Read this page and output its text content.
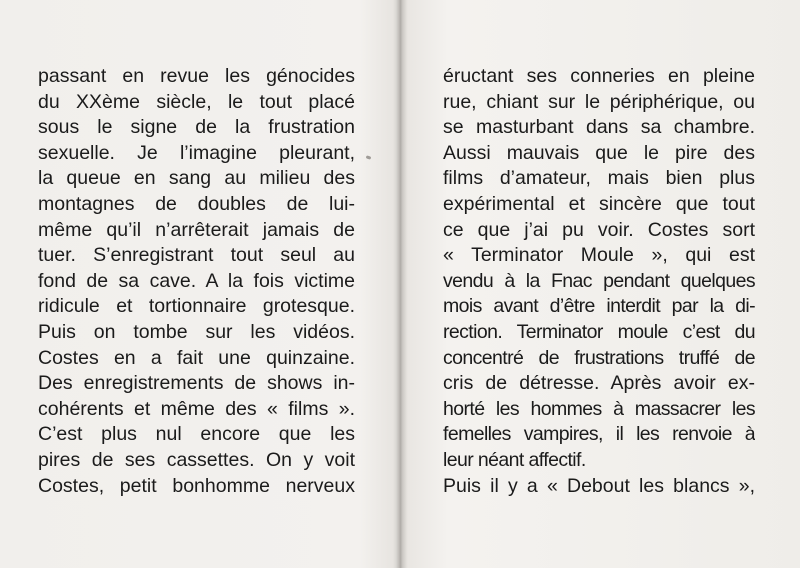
passant en revue les génocides
du XXème siècle, le tout placé
sous le signe de la frustration
sexuelle. Je l’imagine pleurant,
la queue en sang au milieu des
montagnes de doubles de lui-
même qu’il n’arrêterait jamais de
tuer. S’enregistrant tout seul au
fond de sa cave. A la fois victime
ridicule et tortionnaire grotesque.
Puis on tombe sur les vidéos.
Costes en a fait une quinzaine.
Des enregistrements de shows in-
cohérents et même des « films ».
C’est plus nul encore que les
pires de ses cassettes. On y voit
Costes, petit bonhomme nerveux
éructant ses conneries en pleine
rue, chiant sur le périphérique, ou
se masturbant dans sa chambre.
Aussi mauvais que le pire des
films d’amateur, mais bien plus
expérimental et sincère que tout
ce que j’ai pu voir. Costes sort
« Terminator Moule », qui est
vendu à la Fnac pendant quelques
mois avant d’être interdit par la di-
rection. Terminator moule c’est du
concentré de frustrations truffé de
cris de détresse. Après avoir ex-
horté les hommes à massacrer les
femelles vampires, il les renvoie à
leur néant affectif.
Puis il y a « Debout les blancs »,
